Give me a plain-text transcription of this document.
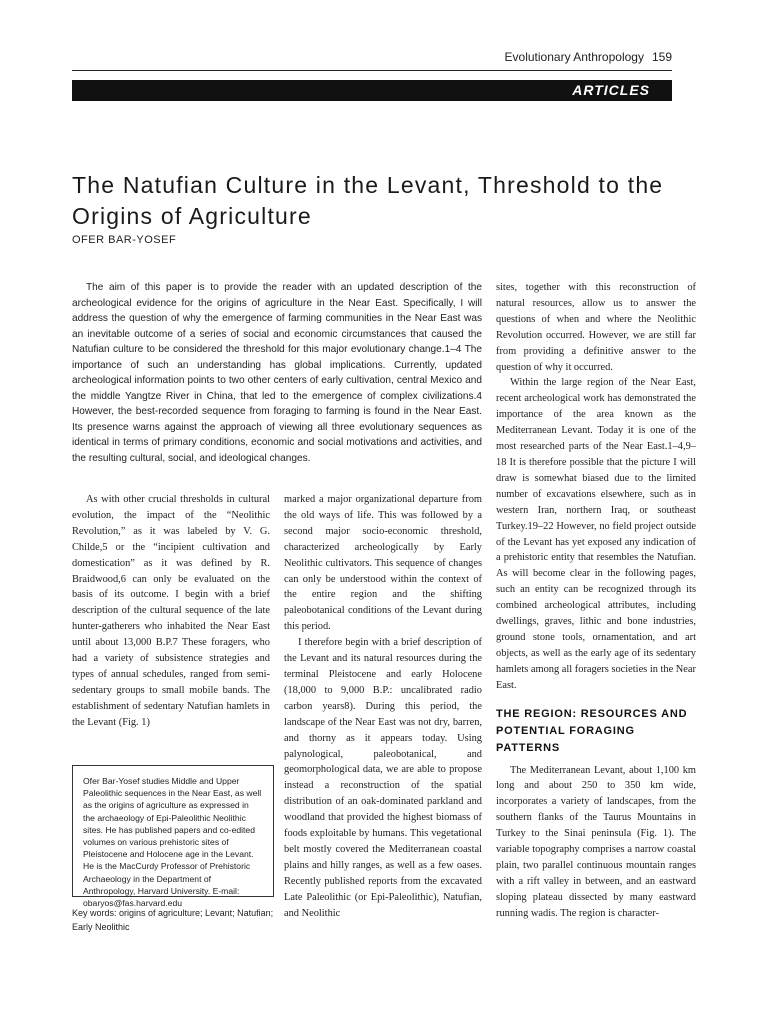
Evolutionary Anthropology 159
ARTICLES
The Natufian Culture in the Levant, Threshold to the Origins of Agriculture
OFER BAR-YOSEF

The aim of this paper is to provide the reader with an updated description of the archeological evidence for the origins of agriculture in the Near East. Specifically, I will address the question of why the emergence of farming communities in the Near East was an inevitable outcome of a series of social and economic circumstances that caused the Natufian culture to be considered the threshold for this major evolutionary change.1–4 The importance of such an understanding has global implications. Currently, updated archeological information points to two other centers of early cultivation, central Mexico and the middle Yangtze River in China, that led to the emergence of complex civilizations.4 However, the best-recorded sequence from foraging to farming is found in the Near East. Its presence warns against the approach of viewing all three evolutionary sequences as identical in terms of primary conditions, economic and social motivations and activities, and the resulting cultural, social, and ideological changes.

As with other crucial thresholds in cultural evolution, the impact of the “Neolithic Revolution,” as it was labeled by V. G. Childe,5 or the “incipient cultivation and domestication” as it was defined by R. Braidwood,6 can only be evaluated on the basis of its outcome. I begin with a brief description of the cultural sequence of the late hunter-gatherers who inhabited the Near East until about 13,000 B.P.7 These foragers, who had a variety of subsistence strategies and types of annual schedules, ranged from semi-sedentary groups to small mobile bands. The establishment of sedentary Natufian hamlets in the Levant (Fig. 1)

marked a major organizational departure from the old ways of life. This was followed by a second major socio-economic threshold, characterized archeologically by Early Neolithic cultivators. This sequence of changes can only be understood within the context of the entire region and the shifting paleobotanical conditions of the Levant during this period.

I therefore begin with a brief description of the Levant and its natural resources during the terminal Pleistocene and early Holocene (18,000 to 9,000 B.P.: uncalibrated radio carbon years8). During this period, the landscape of the Near East was not dry, barren, and thorny as it appears today. Using palynological, paleobotanical, and geomorphological data, we are able to propose instead a reconstruction of the spatial distribution of an oak-dominated parkland and woodland that provided the highest biomass of foods exploitable by humans. This vegetational belt mostly covered the Mediterranean coastal plains and hilly ranges, as well as a few oases. Recently published reports from the excavated Late Paleolithic (or Epi-Paleolithic), Natufian, and Neolithic

sites, together with this reconstruction of natural resources, allow us to answer the questions of when and where the Neolithic Revolution occurred. However, we are still far from providing a definitive answer to the question of why it occurred.

Within the large region of the Near East, recent archeological work has demonstrated the importance of the area known as the Mediterranean Levant. Today it is one of the most researched parts of the Near East.1–4,9–18 It is therefore possible that the picture I will draw is somewhat biased due to the limited number of excavations elsewhere, such as in western Iran, northern Iraq, or southeast Turkey.19–22 However, no field project outside of the Levant has yet exposed any indication of a prehistoric entity that resembles the Natufian. As will become clear in the following pages, such an entity can be recognized through its combined archeological attributes, including dwellings, graves, lithic and bone industries, ground stone tools, ornamentation, and art objects, as well as the early age of its sedentary hamlets among all foragers societies in the Near East.

THE REGION: RESOURCES AND POTENTIAL FORAGING PATTERNS

The Mediterranean Levant, about 1,100 km long and about 250 to 350 km wide, incorporates a variety of landscapes, from the southern flanks of the Taurus Mountains in Turkey to the Sinai peninsula (Fig. 1). The variable topography comprises a narrow coastal plain, two parallel continuous mountain ranges with a rift valley in between, and an eastward sloping plateau dissected by many eastward running wadis. The region is character-

Ofer Bar-Yosef studies Middle and Upper Paleolithic sequences in the Near East, as well as the origins of agriculture as expressed in the archaeology of Epi-Paleolithic Neolithic sites. He has published papers and co-edited volumes on various prehistoric sites of Pleistocene and Holocene age in the Levant. He is the MacCurdy Professor of Prehistoric Archaeology in the Department of Anthropology, Harvard University. E-mail: obaryos@fas.harvard.edu

Key words: origins of agriculture; Levant; Natufian; Early Neolithic
